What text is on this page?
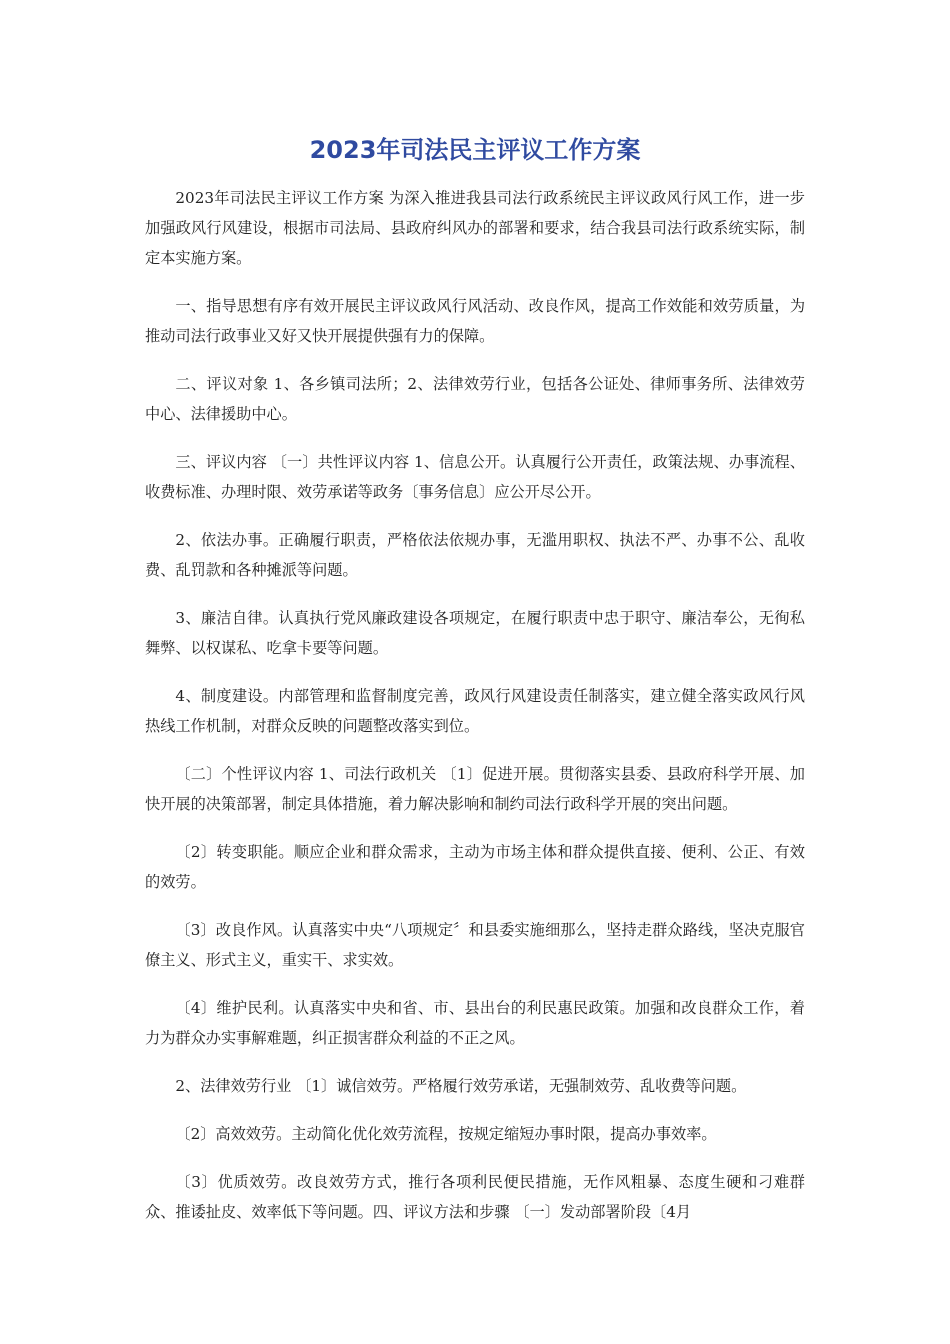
2023年司法民主评议工作方案

2023年司法民主评议工作方案 为深入推进我县司法行政系统民主评议政风行风工作，进一步加强政风行风建设，根据市司法局、县政府纠风办的部署和要求，结合我县司法行政系统实际，制定本实施方案。

一、指导思想有序有效开展民主评议政风行风活动、改良作风，提高工作效能和效劳质量，为推动司法行政事业又好又快开展提供强有力的保障。

二、评议对象 1、各乡镇司法所；2、法律效劳行业，包括各公证处、律师事务所、法律效劳中心、法律援助中心。

三、评议内容 〔一〕共性评议内容 1、信息公开。认真履行公开责任，政策法规、办事流程、收费标准、办理时限、效劳承诺等政务〔事务信息〕应公开尽公开。

2、依法办事。正确履行职责，严格依法依规办事，无滥用职权、执法不严、办事不公、乱收费、乱罚款和各种摊派等问题。

3、廉洁自律。认真执行党风廉政建设各项规定，在履行职责中忠于职守、廉洁奉公，无徇私舞弊、以权谋私、吃拿卡要等问题。

4、制度建设。内部管理和监督制度完善，政风行风建设责任制落实，建立健全落实政风行风热线工作机制，对群众反映的问题整改落实到位。

〔二〕个性评议内容 1、司法行政机关 〔1〕促进开展。贯彻落实县委、县政府科学开展、加快开展的决策部署，制定具体措施，着力解决影响和制约司法行政科学开展的突出问题。

〔2〕转变职能。顺应企业和群众需求，主动为市场主体和群众提供直接、便利、公正、有效的效劳。

〔3〕改良作风。认真落实中央“八项规定〞和县委实施细那么，坚持走群众路线，坚决克服官僚主义、形式主义，重实干、求实效。

〔4〕维护民利。认真落实中央和省、市、县出台的利民惠民政策。加强和改良群众工作，着力为群众办实事解难题，纠正损害群众利益的不正之风。

2、法律效劳行业 〔1〕诚信效劳。严格履行效劳承诺，无强制效劳、乱收费等问题。

〔2〕高效效劳。主动简化优化效劳流程，按规定缩短办事时限，提高办事效率。

〔3〕优质效劳。改良效劳方式，推行各项利民便民措施，无作风粗暴、态度生硬和刁难群众、推诿扯皮、效率低下等问题。四、评议方法和步骤 〔一〕发动部署阶段〔4月
